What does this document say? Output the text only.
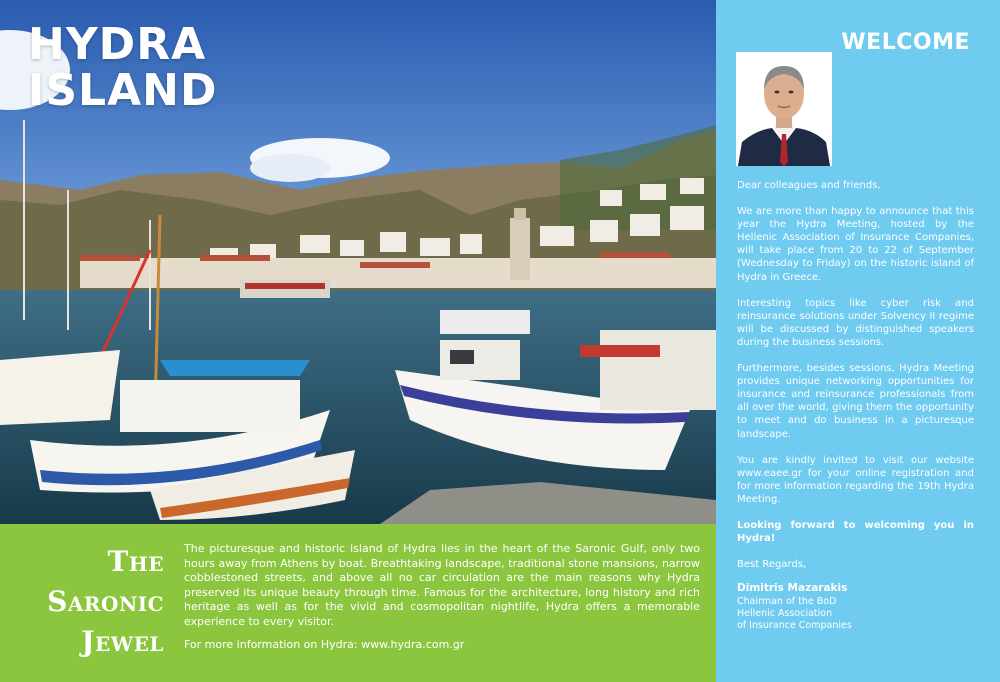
HYDRA
ISLAND
The
Saronic
Jewel

The picturesque and historic island of Hydra lies in the heart of the Saronic Gulf, only two hours away from Athens by boat. Breathtaking landscape, traditional stone mansions, narrow cobblestoned streets, and above all no car circulation are the main reasons why Hydra preserved its unique beauty through time. Famous for the architecture, long history and rich heritage as well as for the vivid and cosmopolitan nightlife, Hydra offers a memorable experience to every visitor.

For more information on Hydra: www.hydra.com.gr

WELCOME

Dear colleagues and friends,

We are more than happy to announce that this year the Hydra Meeting, hosted by the Hellenic Association of Insurance Companies, will take place from 20 to 22 of September (Wednesday to Friday) on the historic island of Hydra in Greece.

Interesting topics like cyber risk and reinsurance solutions under Solvency II regime will be discussed by distinguished speakers during the business sessions.

Furthermore, besides sessions, Hydra Meeting provides unique networking opportunities for insurance and reinsurance professionals from all over the world, giving them the opportunity to meet and do business in a picturesque landscape.

You are kindly invited to visit our website www.eaee.gr for your online registration and for more information regarding the 19th Hydra Meeting.

Looking forward to welcoming you in Hydra!

Best Regards,

Dimitris Mazarakis
Chairman of the BoD
Hellenic Association
of Insurance Companies
